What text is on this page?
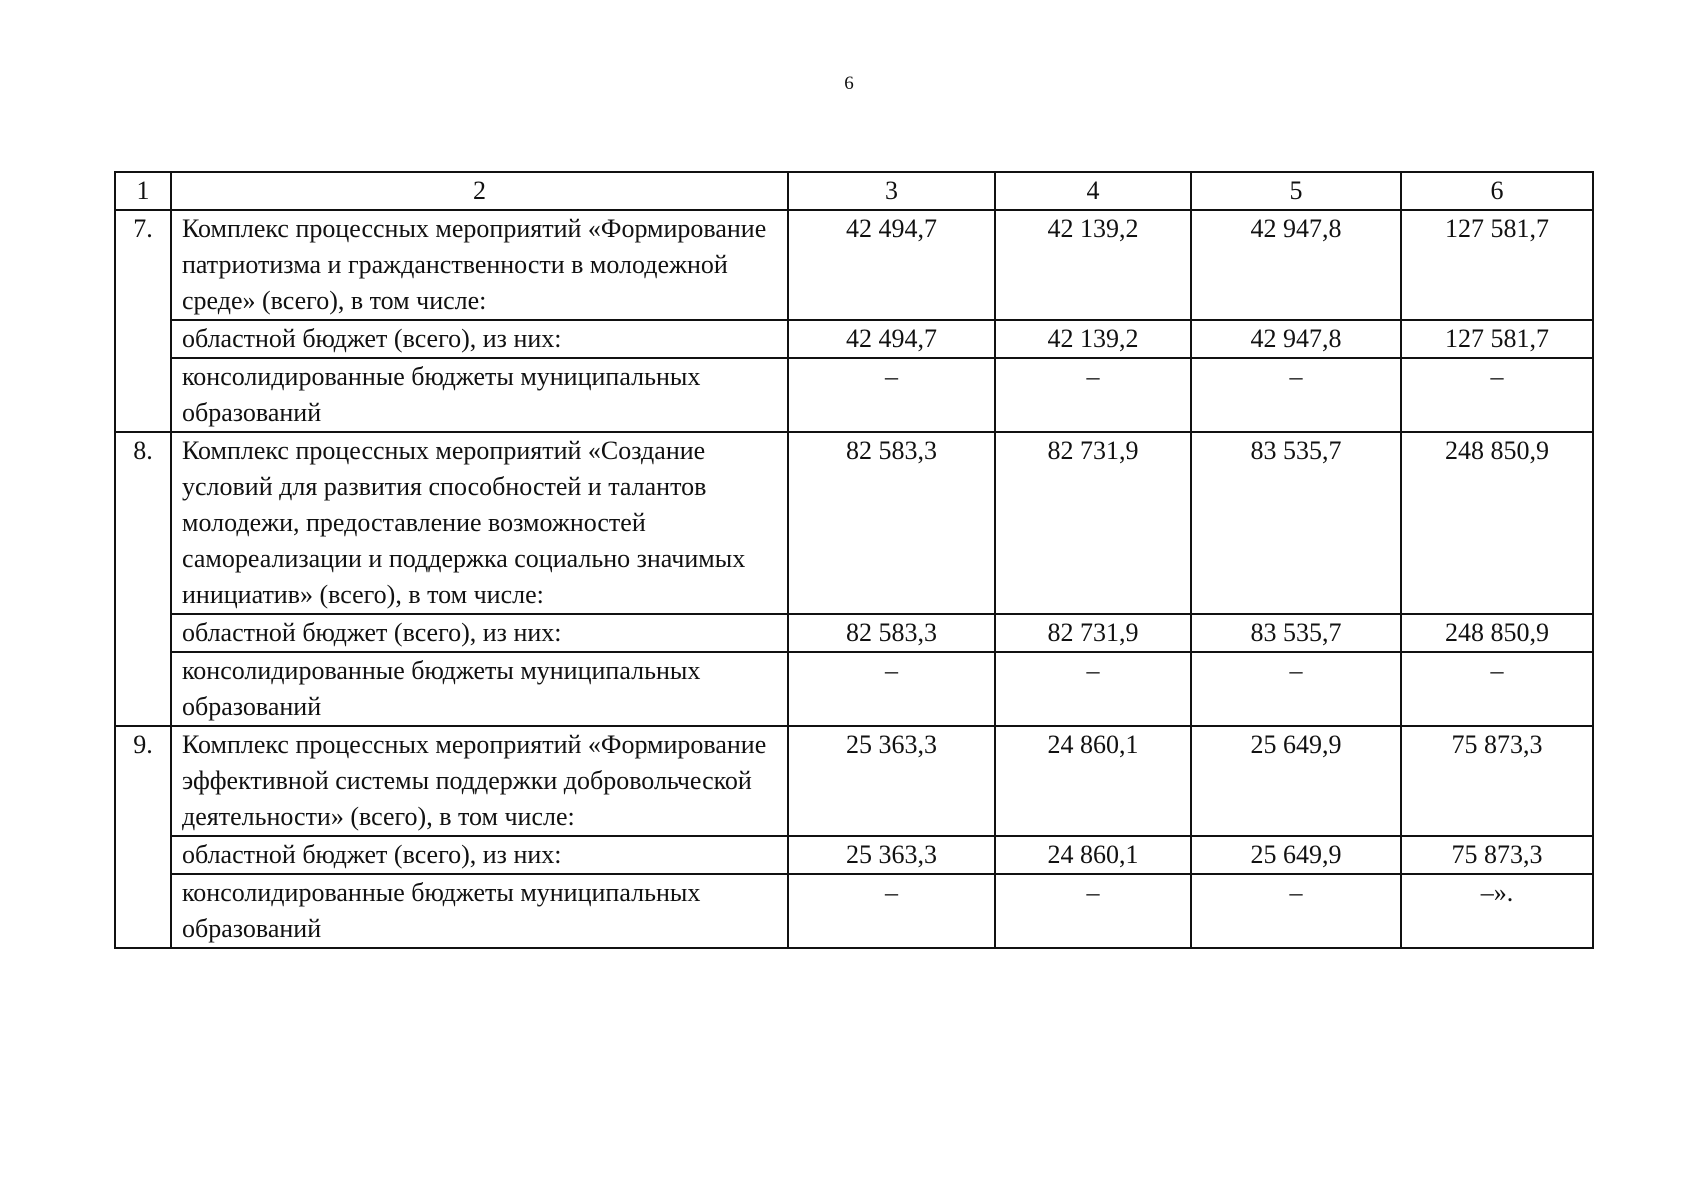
6
1	2	3	4	5	6
7.	Комплекс процессных мероприятий «Формирование патриотизма и гражданственности в молодежной среде» (всего), в том числе:	42 494,7	42 139,2	42 947,8	127 581,7
	областной бюджет (всего), из них:	42 494,7	42 139,2	42 947,8	127 581,7
	консолидированные бюджеты муниципальных образований	–	–	–	–
8.	Комплекс процессных мероприятий «Создание условий для развития способностей и талантов молодежи, предоставление возможностей самореализации и поддержка социально значимых инициатив» (всего), в том числе:	82 583,3	82 731,9	83 535,7	248 850,9
	областной бюджет (всего), из них:	82 583,3	82 731,9	83 535,7	248 850,9
	консолидированные бюджеты муниципальных образований	–	–	–	–
9.	Комплекс процессных мероприятий «Формирование эффективной системы поддержки добровольческой деятельности» (всего), в том числе:	25 363,3	24 860,1	25 649,9	75 873,3
	областной бюджет (всего), из них:	25 363,3	24 860,1	25 649,9	75 873,3
	консолидированные бюджеты муниципальных образований	–	–	–	–».
